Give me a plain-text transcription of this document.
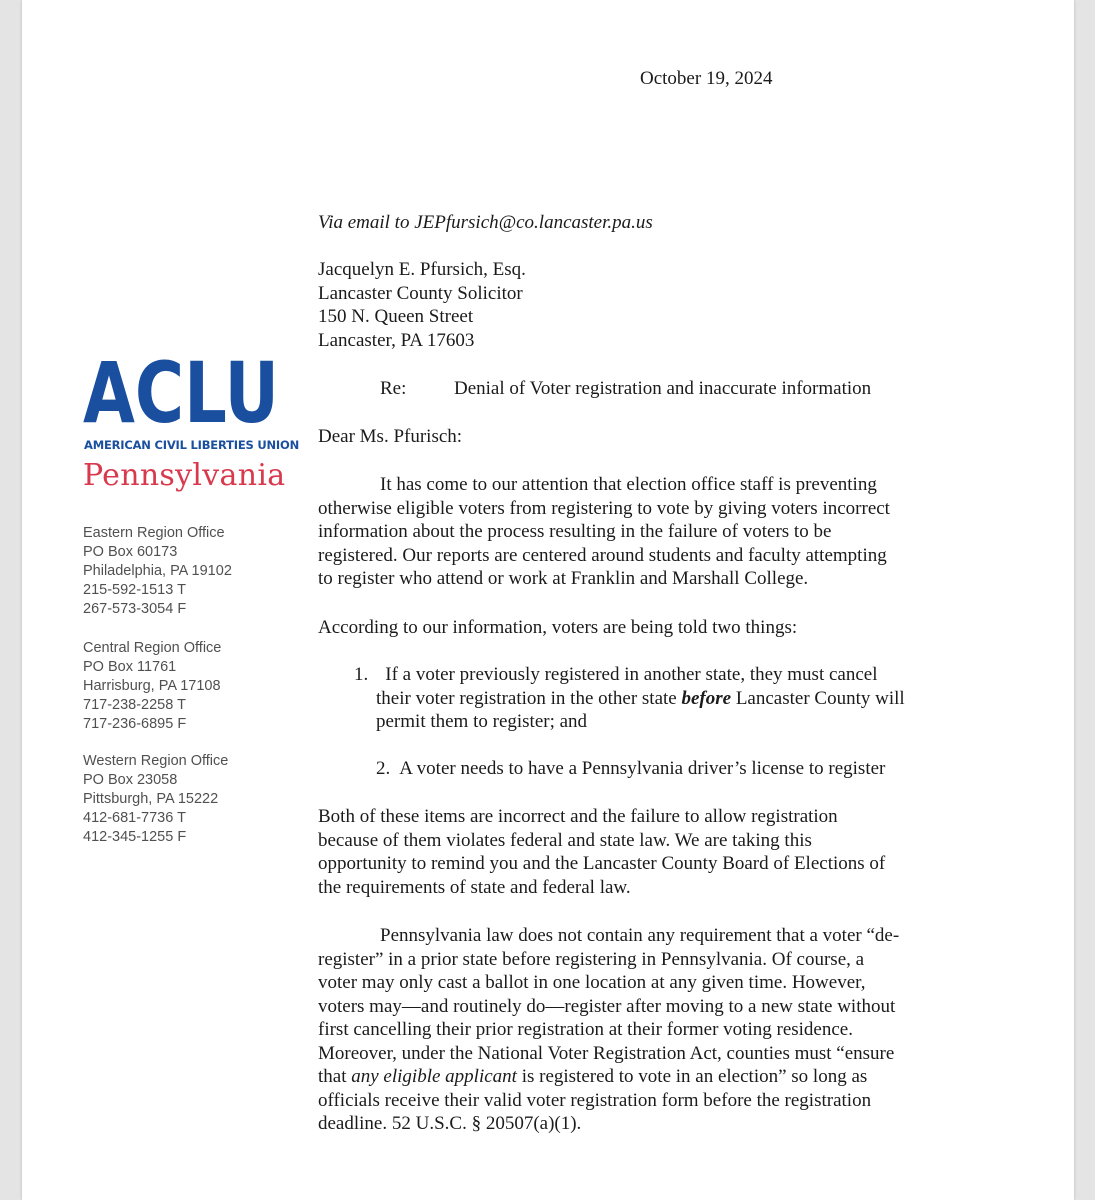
October 19, 2024
ACLU
AMERICAN CIVIL LIBERTIES UNION
Pennsylvania
Eastern Region Office
PO Box 60173
Philadelphia, PA 19102
215-592-1513 T
267-573-3054 F
Central Region Office
PO Box 11761
Harrisburg, PA 17108
717-238-2258 T
717-236-6895 F
Western Region Office
PO Box 23058
Pittsburgh, PA 15222
412-681-7736 T
412-345-1255 F
Via email to JEPfursich@co.lancaster.pa.us
Jacquelyn E. Pfursich, Esq.
Lancaster County Solicitor
150 N. Queen Street
Lancaster, PA 17603
Re:	Denial of Voter registration and inaccurate information
Dear Ms. Pfurisch:
It has come to our attention that election office staff is preventing
otherwise eligible voters from registering to vote by giving voters incorrect
information about the process resulting in the failure of voters to be
registered. Our reports are centered around students and faculty attempting
to register who attend or work at Franklin and Marshall College.
According to our information, voters are being told two things:
1. If a voter previously registered in another state, they must cancel
their voter registration in the other state before Lancaster County will
permit them to register; and
2. A voter needs to have a Pennsylvania driver’s license to register
Both of these items are incorrect and the failure to allow registration
because of them violates federal and state law. We are taking this
opportunity to remind you and the Lancaster County Board of Elections of
the requirements of state and federal law.
Pennsylvania law does not contain any requirement that a voter “de-
register” in a prior state before registering in Pennsylvania. Of course, a
voter may only cast a ballot in one location at any given time. However,
voters may—and routinely do—register after moving to a new state without
first cancelling their prior registration at their former voting residence.
Moreover, under the National Voter Registration Act, counties must “ensure
that any eligible applicant is registered to vote in an election” so long as
officials receive their valid voter registration form before the registration
deadline. 52 U.S.C. § 20507(a)(1).
